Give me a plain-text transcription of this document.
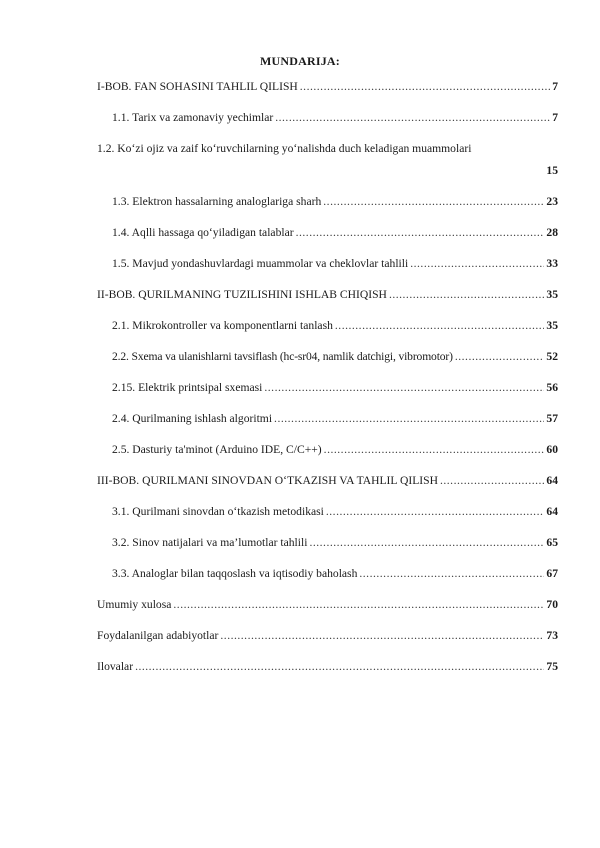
MUNDARIJA:
I-BOB. FAN SOHASINI TAHLIL QILISH .....	7
1.1. Tarix va zamonaviy yechimlar .....	7
1.2. Ko‘zi ojiz va zaif ko‘ruvchilarning yo‘nalishda duch keladigan muammolari
15
1.3. Elektron hassalarning analoglariga sharh .....	23
1.4. Aqlli hassaga qo‘yiladigan talablar .....	28
1.5. Mavjud yondashuvlardagi muammolar va cheklovlar tahlili .....	33
II-BOB. QURILMANING TUZILISHINI ISHLAB CHIQISH .....	35
2.1. Mikrokontroller va komponentlarni tanlash .....	35
2.2. Sxema va ulanishlarni tavsiflash (hc-sr04, namlik datchigi, vibromotor) .....	52
2.15. Elektrik printsipal sxemasi .....	56
2.4. Qurilmaning ishlash algoritmi .....	57
2.5. Dasturiy ta'minot (Arduino IDE, C/C++) .....	60
III-BOB. QURILMANI SINOVDAN O‘TKAZISH VA TAHLIL QILISH .....	64
3.1. Qurilmani sinovdan o‘tkazish metodikasi .....	64
3.2. Sinov natijalari va ma’lumotlar tahlili .....	65
3.3. Analoglar bilan taqqoslash va iqtisodiy baholash .....	67
Umumiy xulosa .....	70
Foydalanilgan adabiyotlar .....	73
Ilovalar .....	75
